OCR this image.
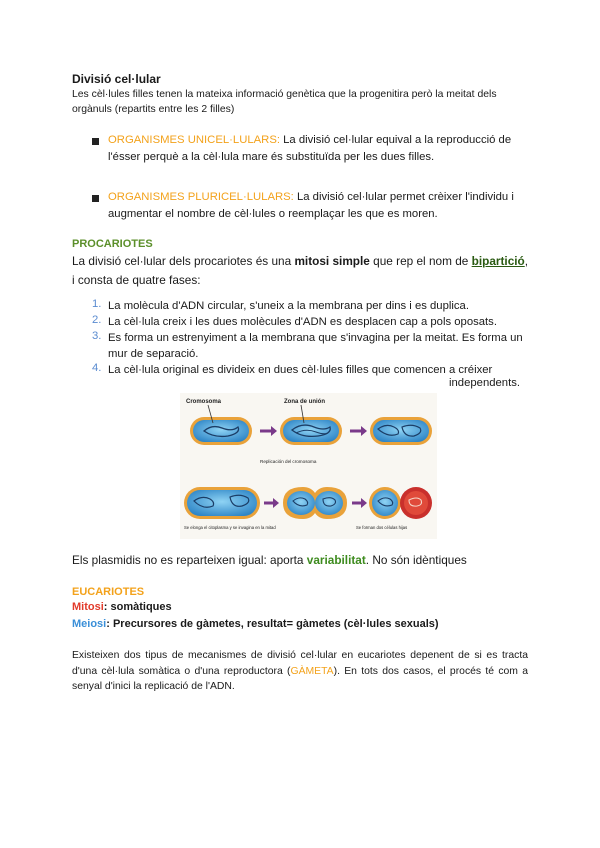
Divisió cel·lular
Les cèl·lules filles tenen la mateixa informació genètica que la progenitira però la meitat dels orgànuls (repartits entre les 2 filles)
ORGANISMES UNICEL·LULARS: La divisió cel·lular equival a la reproducció de l'ésser perquè a la cèl·lula mare és substituïda per les dues filles.
ORGANISMES PLURICEL·LULARS: La divisió cel·lular permet crèixer l'individu i augmentar el nombre de cèl·lules o reemplaçar les que es moren.
PROCARIOTES
La divisió cel·lular dels procariotes és una mitosi simple que rep el nom de bipartició, i consta de quatre fases:
1. La molècula d'ADN circular, s'uneix a la membrana per dins i es duplica.
2. La cèl·lula creix i les dues molècules d'ADN es desplacen cap a pols oposats.
3. Es forma un estrenyiment a la membrana que s'invagina per la meitat. Es forma un mur de separació.
4. La cèl·lula original es divideix en dues cèl·lules filles que comencen a créixer
independents.
Cromosoma	Zona de unión
Replicación del cromosoma
Se elonga el citoplasma y se invagina en la mitad	Se forman dos células hijas
Els plasmidis no es reparteixen igual: aporta variabilitat. No són idèntiques
EUCARIOTES
Mitosi: somàtiques
Meiosi: Precursores de gàmetes, resultat= gàmetes (cèl·lules sexuals)
Existeixen dos tipus de mecanismes de divisió cel·lular en eucariotes depenent de si es tracta d'una cèl·lula somàtica o d'una reproductora (GÀMETA). En tots dos casos, el procés té com a senyal d'inici la replicació de l'ADN.
